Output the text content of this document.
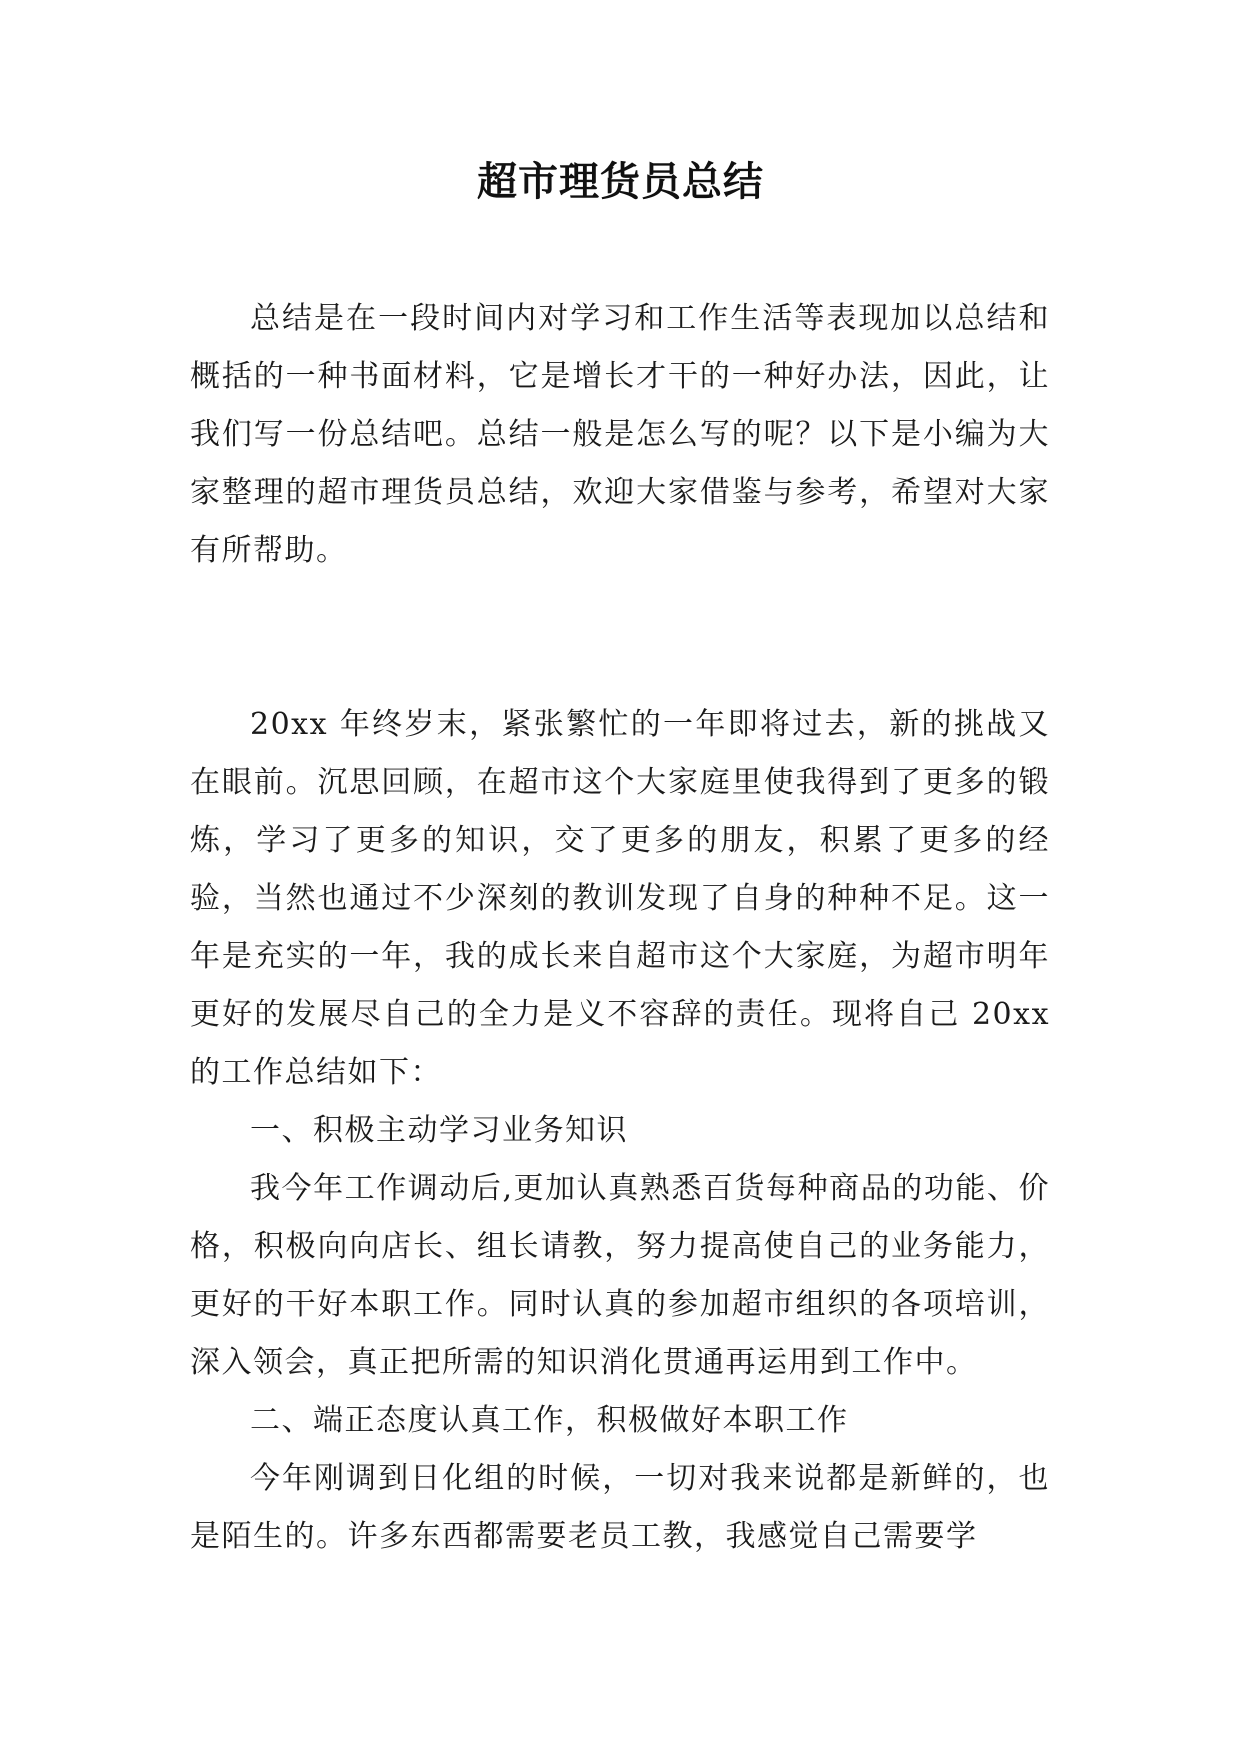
超市理货员总结

总结是在一段时间内对学习和工作生活等表现加以总结和概括的一种书面材料，它是增长才干的一种好办法，因此，让我们写一份总结吧。总结一般是怎么写的呢？以下是小编为大家整理的超市理货员总结，欢迎大家借鉴与参考，希望对大家有所帮助。

20xx 年终岁末，紧张繁忙的一年即将过去，新的挑战又在眼前。沉思回顾，在超市这个大家庭里使我得到了更多的锻炼，学习了更多的知识，交了更多的朋友，积累了更多的经验，当然也通过不少深刻的教训发现了自身的种种不足。这一年是充实的一年，我的成长来自超市这个大家庭，为超市明年更好的发展尽自己的全力是义不容辞的责任。现将自己 20xx 的工作总结如下：

一、积极主动学习业务知识

我今年工作调动后,更加认真熟悉百货每种商品的功能、价格，积极向向店长、组长请教，努力提高使自己的业务能力，更好的干好本职工作。同时认真的参加超市组织的各项培训，深入领会，真正把所需的知识消化贯通再运用到工作中。

二、端正态度认真工作，积极做好本职工作

今年刚调到日化组的时候，一切对我来说都是新鲜的，也是陌生的。许多东西都需要老员工教，我感觉自己需要学
